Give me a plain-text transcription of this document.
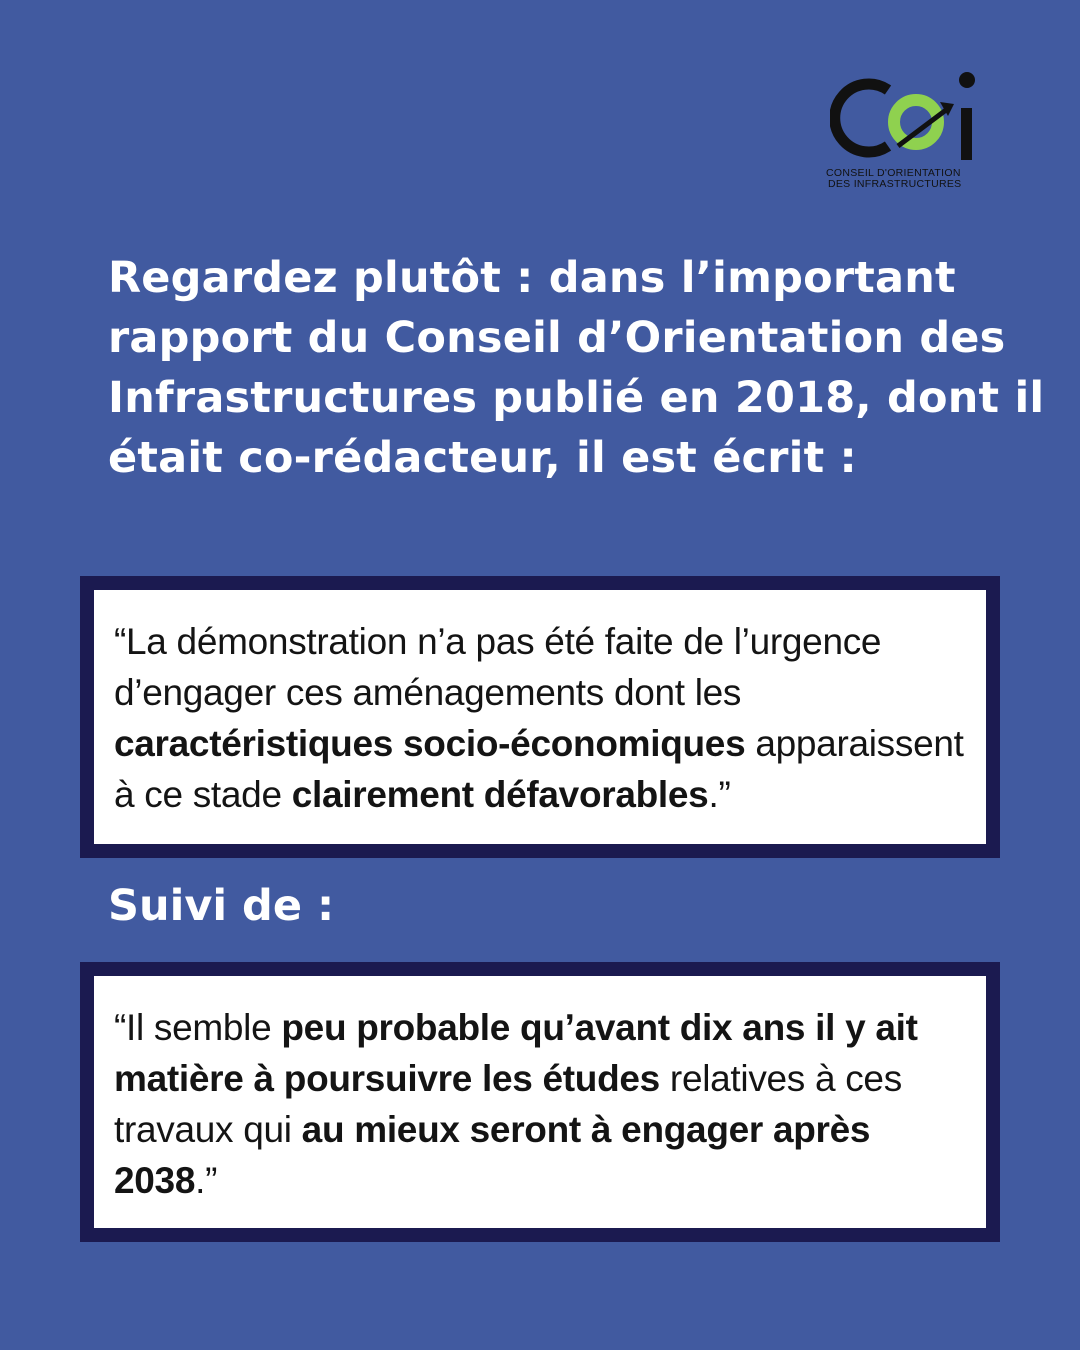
CONSEIL D'ORIENTATION
DES INFRASTRUCTURES

Regardez plutôt : dans l’important rapport du Conseil d’Orientation des Infrastructures publié en 2018, dont il était co-rédacteur, il est écrit :

“La démonstration n’a pas été faite de l’urgence d’engager ces aménagements dont les caractéristiques socio-économiques apparaissent à ce stade clairement défavorables.”

Suivi de :

“Il semble peu probable qu’avant dix ans il y ait matière à poursuivre les études relatives à ces travaux qui au mieux seront à engager après 2038.”
